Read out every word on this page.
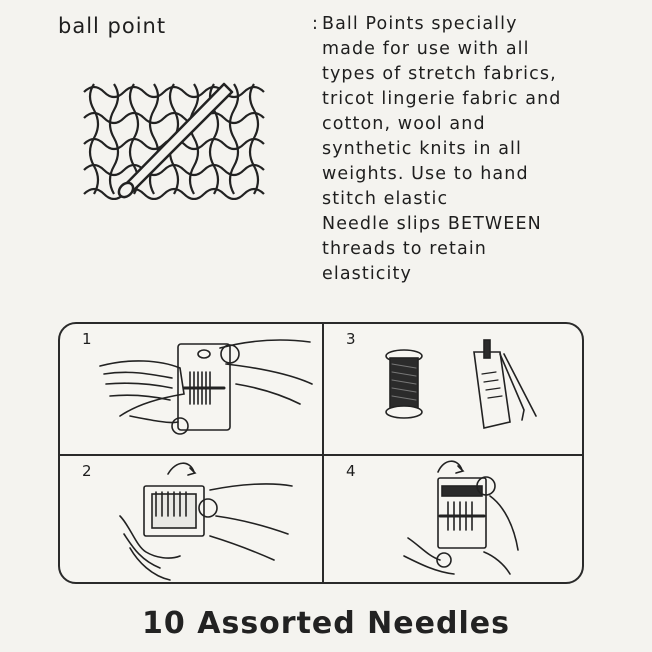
ball point	: Ball Points specially
made for use with all
types of stretch fabrics,
tricot lingerie fabric and
cotton, wool and
synthetic knits in all
weights. Use to hand
stitch elastic
Needle slips BETWEEN
threads to retain
elasticity
1	3
2	4
10 Assorted Needles
